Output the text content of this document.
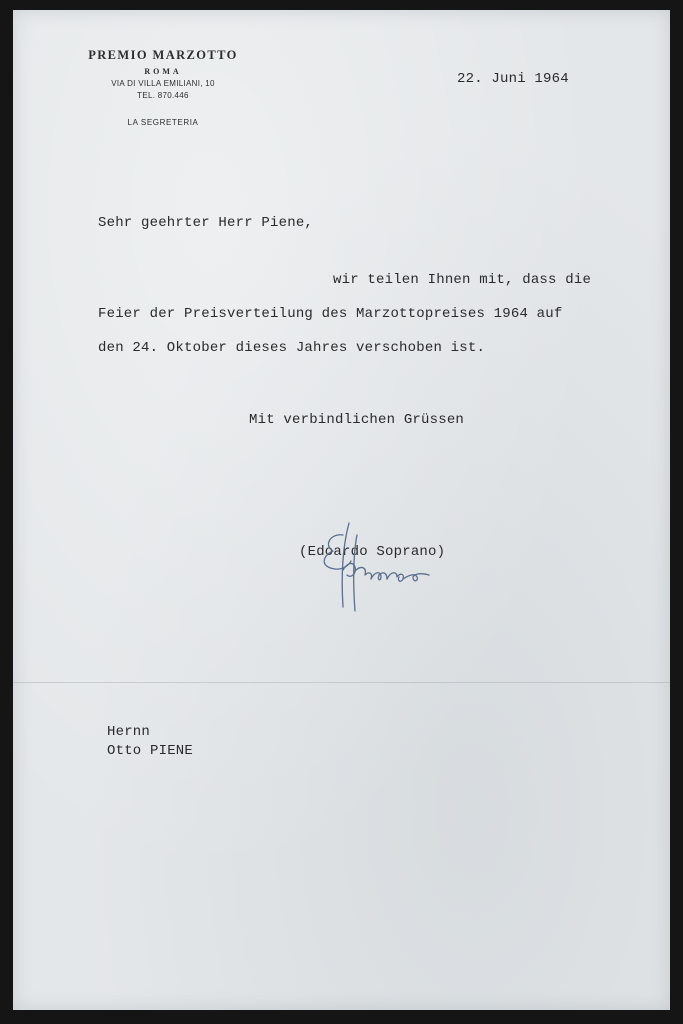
PREMIO MARZOTTO
ROMA
VIA DI VILLA EMILIANI, 10
TEL. 870.446
LA SEGRETERIA
22. Juni 1964
Sehr geehrter Herr Piene,
wir teilen Ihnen mit, dass die
Feier der Preisverteilung des Marzottopreises 1964 auf
den 24. Oktober dieses Jahres verschoben ist.
Mit verbindlichen Grüssen
(Edoardo Soprano)
Hernn
Otto PIENE
